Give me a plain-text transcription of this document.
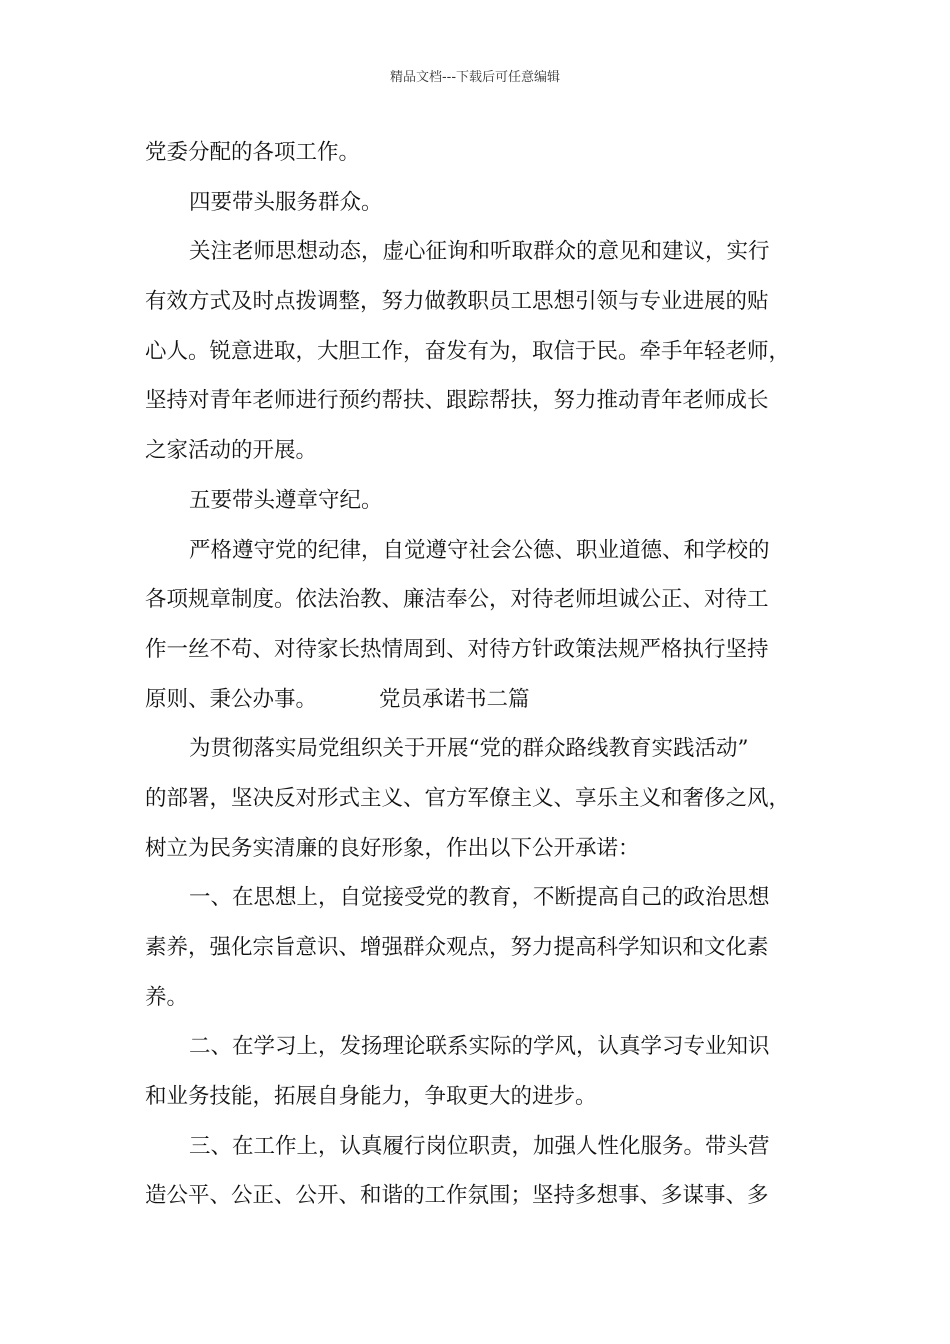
精品文档---下载后可任意编辑
党委分配的各项工作。
四要带头服务群众。
关注老师思想动态，虚心征询和听取群众的意见和建议，实行
有效方式及时点拨调整，努力做教职员工思想引领与专业进展的贴
心人。锐意进取，大胆工作，奋发有为，取信于民。牵手年轻老师，
坚持对青年老师进行预约帮扶、跟踪帮扶，努力推动青年老师成长
之家活动的开展。
五要带头遵章守纪。
严格遵守党的纪律，自觉遵守社会公德、职业道德、和学校的
各项规章制度。依法治教、廉洁奉公，对待老师坦诚公正、对待工
作一丝不苟、对待家长热情周到、对待方针政策法规严格执行坚持
原则、秉公办事。	党员承诺书二篇
为贯彻落实局党组织关于开展“党的群众路线教育实践活动”
的部署，坚决反对形式主义、官方军僚主义、享乐主义和奢侈之风，
树立为民务实清廉的良好形象，作出以下公开承诺：
一、在思想上，自觉接受党的教育，不断提高自己的政治思想
素养，强化宗旨意识、增强群众观点，努力提高科学知识和文化素
养。
二、在学习上，发扬理论联系实际的学风，认真学习专业知识
和业务技能，拓展自身能力，争取更大的进步。
三、在工作上，认真履行岗位职责，加强人性化服务。带头营
造公平、公正、公开、和谐的工作氛围；坚持多想事、多谋事、多
